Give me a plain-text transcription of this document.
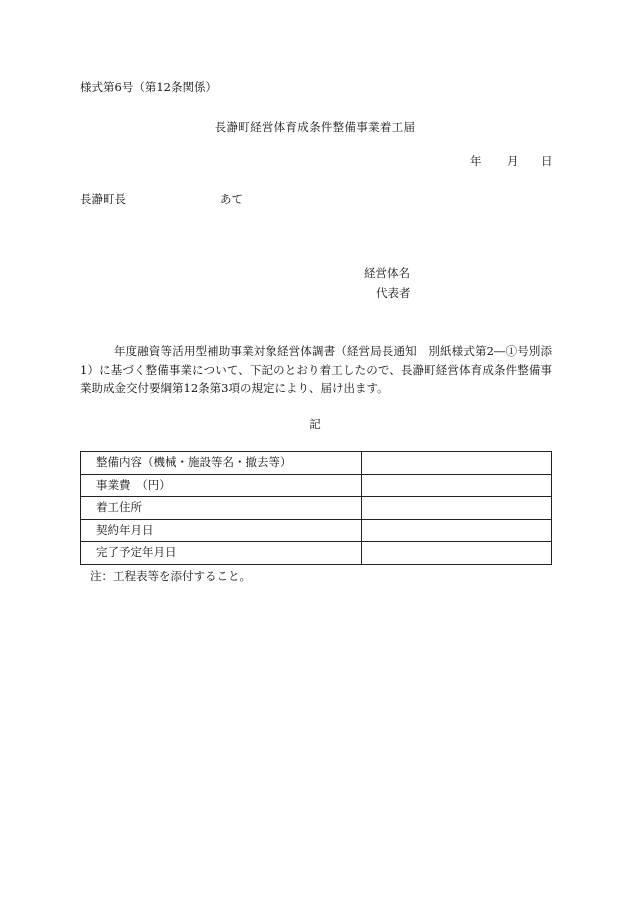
様式第6号（第12条関係）
長瀞町経営体育成条件整備事業着工届
年 月 日
長瀞町長	あて
経営体名
代表者
年度融資等活用型補助事業対象経営体調書（経営局長通知　別紙様式第2―①号別添1）に基づく整備事業について、下記のとおり着工したので、長瀞町経営体育成条件整備事業助成金交付要綱第12条第3項の規定により、届け出ます。
記
整備内容（機械・施設等名・撤去等）	
事業費　（円）	
着工住所	
契約年月日	
完了予定年月日	
注：工程表等を添付すること。
